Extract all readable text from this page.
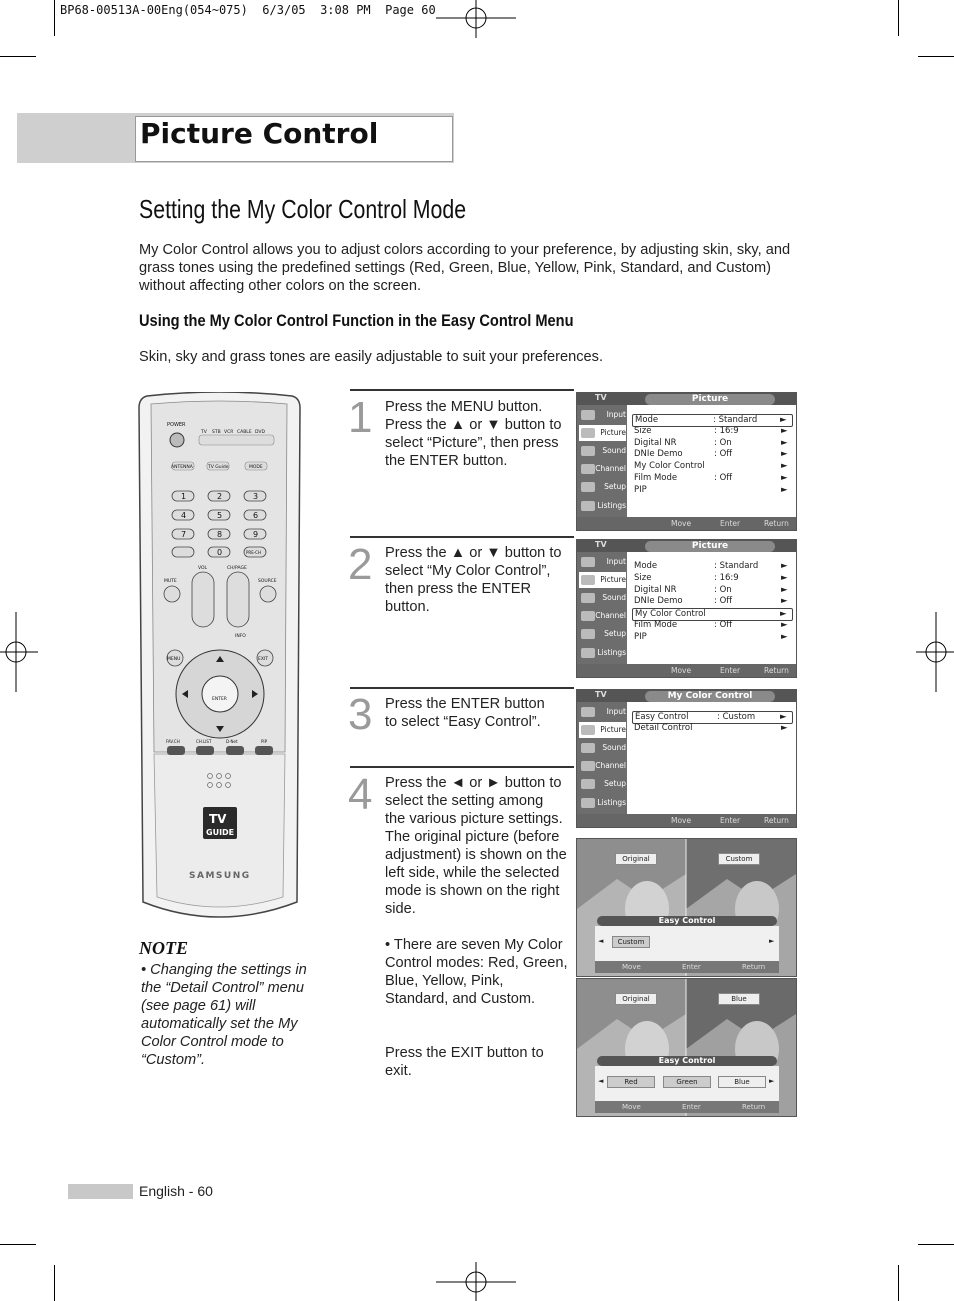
BP68-00513A-00Eng(054~075)  6/3/05  3:08 PM  Page 60
Picture Control
Setting the My Color Control Mode
My Color Control allows you to adjust colors according to your preference, by adjusting skin, sky, and grass tones using the predefined settings (Red, Green, Blue, Yellow, Pink, Standard, and Custom) without affecting other colors on the screen.
Using the My Color Control Function in the Easy Control Menu
Skin, sky and grass tones are easily adjustable to suit your preferences.
POWER
TV STB VCR CABLE DVD
ANTENNA	TV Guide	MODE
1	2	3
4	5	6
7	8	9
0	PRE-CH
VOL	CH/PAGE
MUTE	SOURCE
MENU	EXIT
INFO
ENTER
FAV.CH	CH.LIST	D-Net	PIP
TV
GUIDE
SAMSUNG
1 Press the MENU button. Press the ▲ or ▼ button to select “Picture”, then press the ENTER button.
2 Press the ▲ or ▼ button to select “My Color Control”, then press the ENTER button.
3 Press the ENTER button to select “Easy Control”.
4 Press the ◄ or ► button to select the setting among the various picture settings. The original picture (before adjustment) is shown on the left side, while the selected mode is shown on the right side.
• There are seven My Color Control modes: Red, Green, Blue, Yellow, Pink, Standard, and Custom.
Press the EXIT button to exit.
TV	Picture
Input
Picture
Sound
Channel
Setup
Listings
Mode	: Standard	►
Size	: 16:9	►
Digital NR	: On	►
DNIe Demo	: Off	►
My Color Control	►
Film Mode	: Off	►
PIP	►
Move	Enter	Return
TV	Picture
Input
Picture
Sound
Channel
Setup
Listings
Mode	: Standard	►
Size	: 16:9	►
Digital NR	: On	►
DNIe Demo	: Off	►
My Color Control	►
Film Mode	: Off	►
PIP	►
Move	Enter	Return
TV	My Color Control
Input
Picture
Sound
Channel
Setup
Listings
Easy Control	: Custom	►
Detail Control	►
Move	Enter	Return
Original	Custom
Easy Control
◄	►
Custom
Move	Enter	Return
Original	Blue
Easy Control
◄	►
Red	Green	Blue
Move	Enter	Return
NOTE
• Changing the settings in the “Detail Control” menu (see page 61) will automatically set the My Color Control mode to “Custom”.
English - 60
